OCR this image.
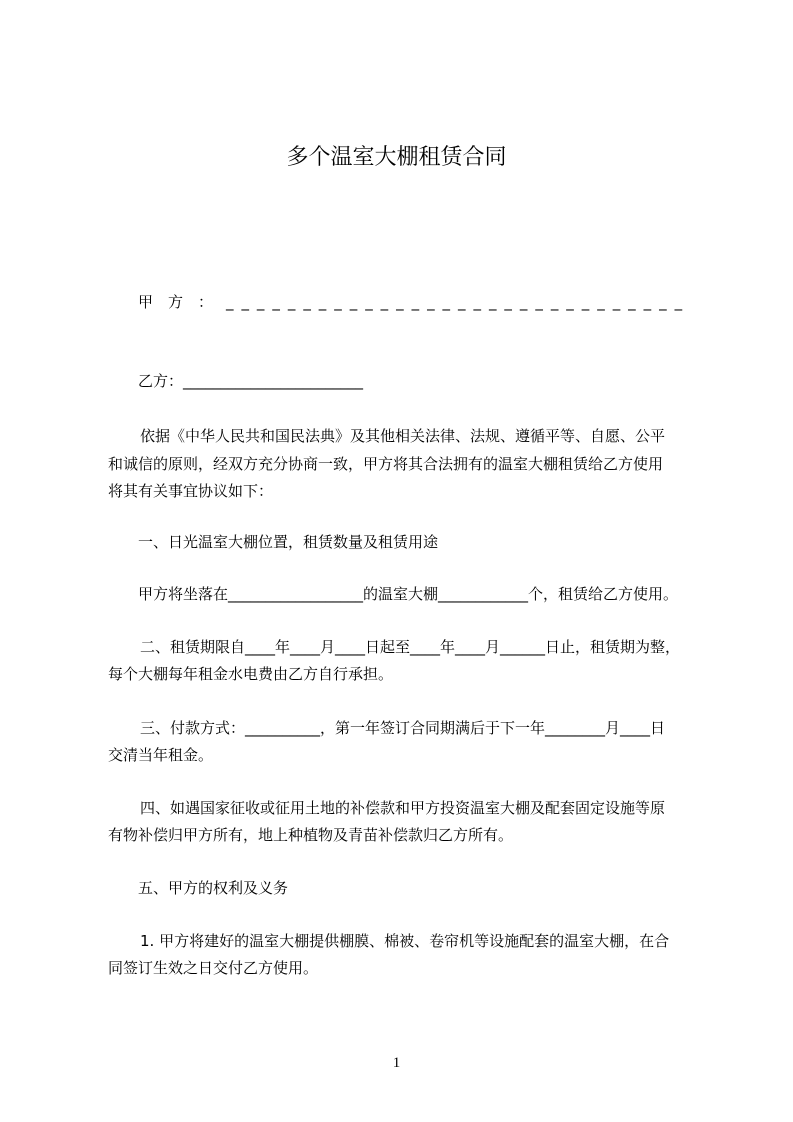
多个温室大棚租赁合同
甲 方 ： _ _ _ _ _ _ _ _ _ _ _ _ _ _ _ _ _ _ _ _ _ _ _ _ _ _ _ _ _ _
乙方：________________________
依据《中华人民共和国民法典》及其他相关法律、法规、遵循平等、自愿、公平
和诚信的原则，经双方充分协商一致，甲方将其合法拥有的温室大棚租赁给乙方使用
将其有关事宜协议如下：
一、日光温室大棚位置，租赁数量及租赁用途
甲方将坐落在__________________的温室大棚____________个，租赁给乙方使用。
二、租赁期限自____年____月____日起至____年____月______日止，租赁期为整，
每个大棚每年租金水电费由乙方自行承担。
三、付款方式：__________，第一年签订合同期满后于下一年________月____日
交清当年租金。
四、如遇国家征收或征用土地的补偿款和甲方投资温室大棚及配套固定设施等原
有物补偿归甲方所有，地上种植物及青苗补偿款归乙方所有。
五、甲方的权利及义务
1. 甲方将建好的温室大棚提供棚膜、棉被、卷帘机等设施配套的温室大棚，在合
同签订生效之日交付乙方使用。
1
